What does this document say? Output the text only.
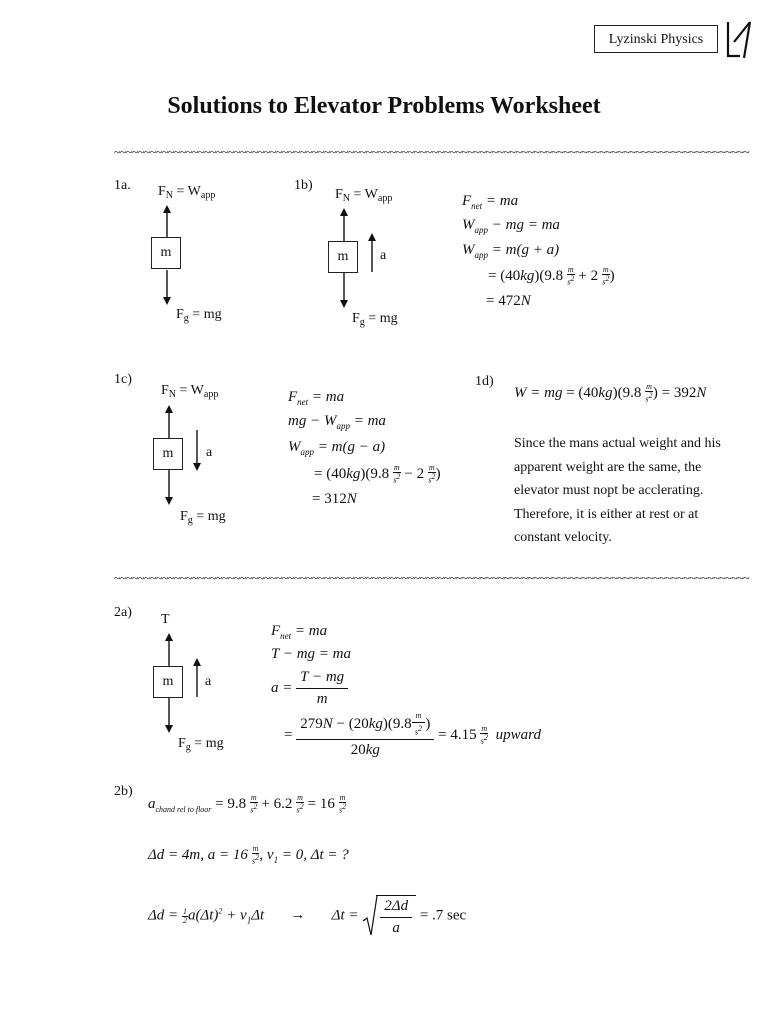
Lyzinski Physics
Solutions to Elevator Problems Worksheet
~~~~~~~~~~~~~~~~~~~~~~~~~~~~~~~~~~~~~~~~~~~~~~~~~~~~~~~~~~~~~~~~~~~~~~~~~~~~~~~~~~~~~~~~~~~~~~~~~~~~~~~~~~
1a. $F_N = W_{app}$
m
$F_g$ = mg
1b)
$F_N = W_{app}$
m	a
$F_g$ = mg
$F_{net}$ = ma
$W_{app}$ − mg = ma
$W_{app} = m(g + a)$
= $(40kg)(9.8 \frac{m}{s^2} + 2 \frac{m}{s^2}$ )
= 472N
1c)
$F_N = W_{app}$
m	a
$F_g$ = mg
$F_{net}$ = ma
mg − $W_{app}$ = ma
$W_{app} = m(g - a)$
= $(40kg)(9.8 \frac{m}{s^2} - 2 \frac{m}{s^2}$ )
= 312N
1d)
W = mg = $(40kg)(9.8 \frac{m}{s^2}$ ) = 392N

Since the mans actual weight and his

apparent weight are the same, the

elevator must nopt be acclerating.

Therefore, it is either at rest or at

constant velocity.

~~~~~~~~~~~~~~~~~~~~~~~~~~~~~~~~~~~~~~~~~~~~~~~~~~~~~~~~~~~~~~~~~~~~~~~~~~~~~~~~~~~~~~~~~~~~~~~~~~~~~~~~~~
2a) T
m	a
$F_g$ = mg
$F_{net}$ = ma
T − mg = ma
$a = \frac{T - mg}{m}$
= $\frac{279N - (20kg)(9.8 \frac{m}{s^2} )}{20kg} = 4.15 \frac{m}{s^2}$ upward
2b)
$a_{chand rel to floor} = 9.8 \frac{m}{s^2} + 6.2 \frac{m}{s^2} = 16 \frac{m}{s^2}$
Δd = 4m, $a = 16 \frac{m}{s^2}$ , $v_1 = 0$, Δt = ?
$\Delta d = \frac{1}{2} a(\Delta t)^2 + v_1\Delta t \to \Delta t = \frac{2\Delta d}{a} = .7$ sec
